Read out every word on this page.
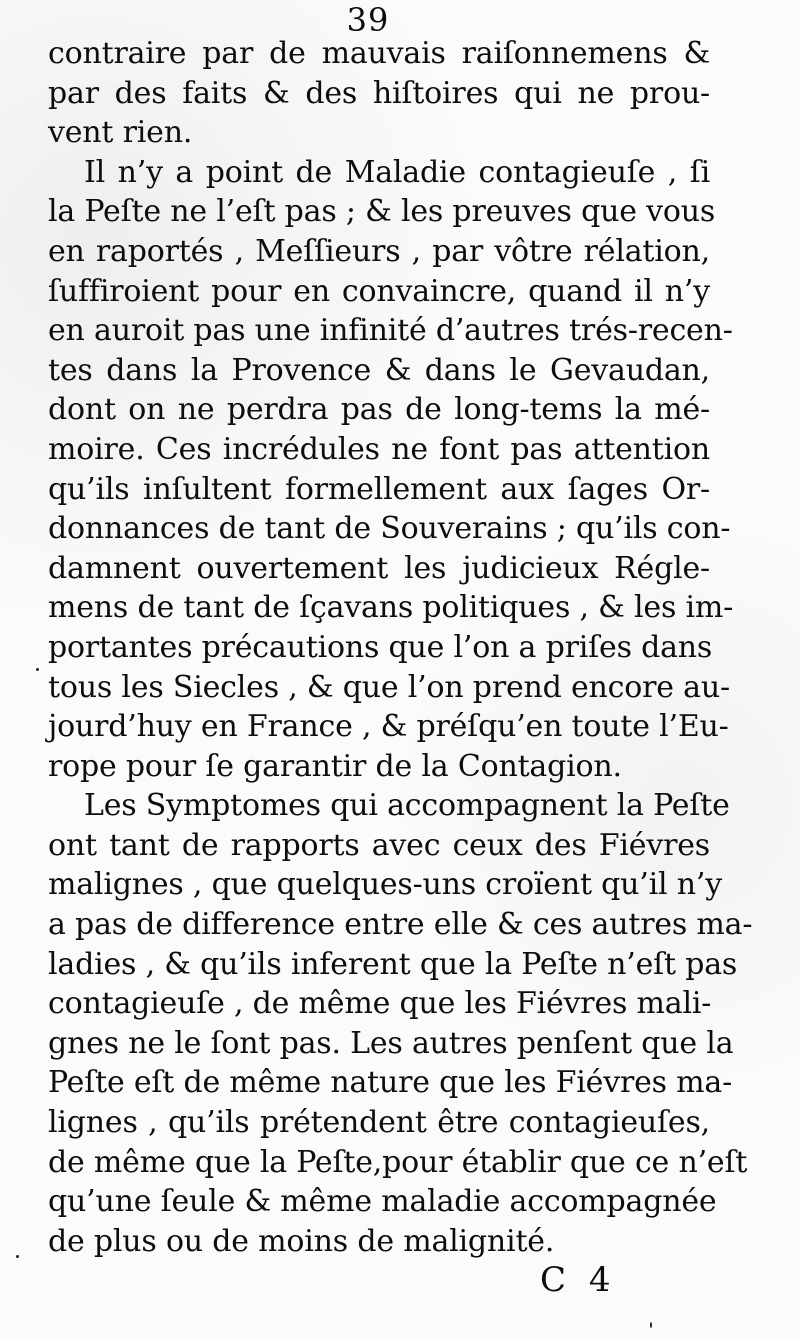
39
contraire par de mauvais raiſonnemens &
par des faits & des hiſtoires qui ne prou-
vent rien.
Il n’y a point de Maladie contagieuſe , ſi
la Peſte ne l’eſt pas ; & les preuves que vous
en raportés , Meſſieurs , par vôtre rélation,
ſuffiroient pour en convaincre, quand il n’y
en auroit pas une infinité d’autres trés-recen-
tes dans la Provence & dans le Gevaudan,
dont on ne perdra pas de long-tems la mé-
moire. Ces incrédules ne font pas attention
qu’ils inſultent formellement aux ſages Or-
donnances de tant de Souverains ; qu’ils con-
damnent ouvertement les judicieux Régle-
mens de tant de ſçavans politiques , & les im-
portantes précautions que l’on a priſes dans
tous les Siecles , & que l’on prend encore au-
jourd’huy en France , & préſqu’en toute l’Eu-
rope pour ſe garantir de la Contagion.
Les Symptomes qui accompagnent la Peſte
ont tant de rapports avec ceux des Fiévres
malignes , que quelques-uns croïent qu’il n’y
a pas de difference entre elle & ces autres ma-
ladies , & qu’ils inferent que la Peſte n’eſt pas
contagieuſe , de même que les Fiévres mali-
gnes ne le ſont pas. Les autres penſent que la
Peſte eſt de même nature que les Fiévres ma-
lignes , qu’ils prétendent être contagieuſes,
de même que la Peſte,pour établir que ce n’eſt
qu’une ſeule & même maladie accompagnée
de plus ou de moins de malignité.
C 4
